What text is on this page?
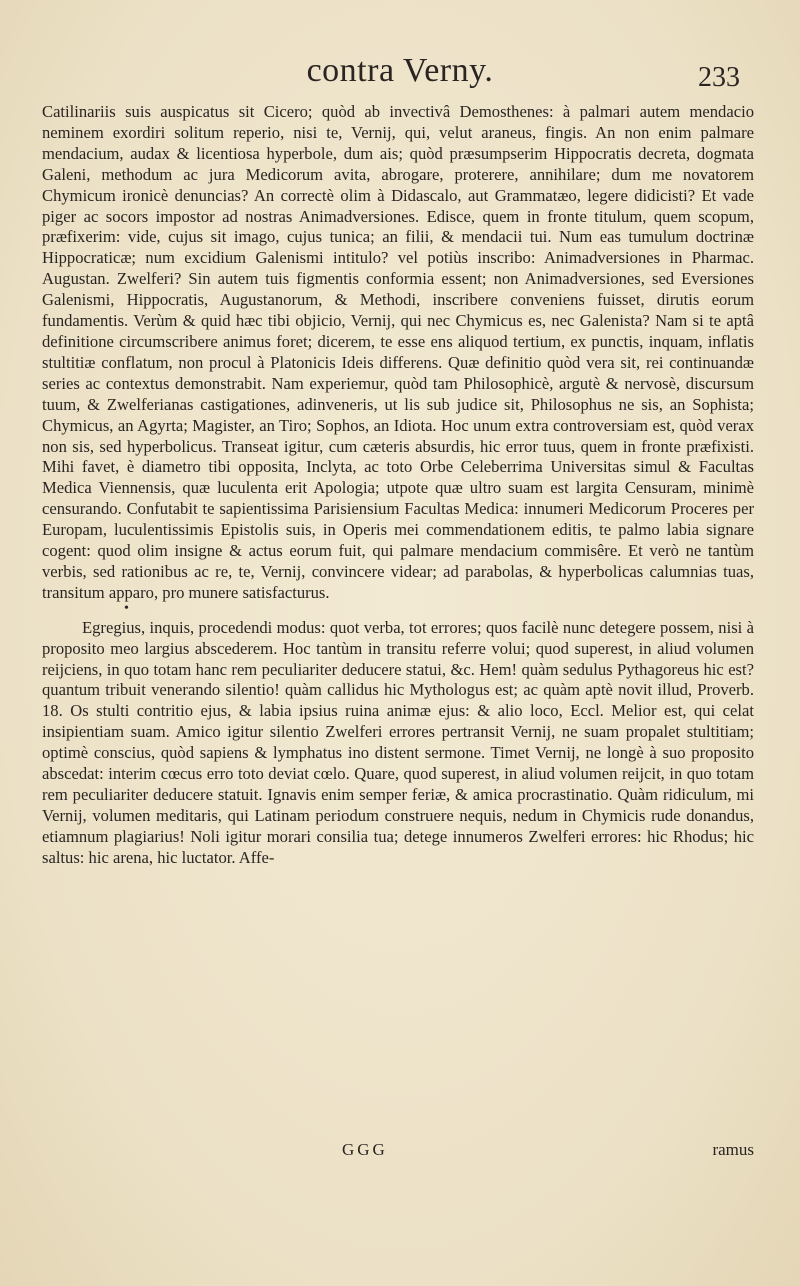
contra Verny.	233

Catilinariis suis auspicatus sit Cicero; quòd ab invectivâ Demosthenes: à palmari autem mendacio neminem exordiri solitum reperio, nisi te, Vernij, qui, velut araneus, fingis. An non enim palmare mendacium, audax & licentiosa hyperbole, dum ais; quòd præsumpserim Hippocratis decreta, dogmata Galeni, methodum ac jura Medicorum avita, abrogare, proterere, annihilare; dum me novatorem Chymicum ironicè denuncias? An correctè olim à Didascalo, aut Grammatæo, legere didicisti? Et vade piger ac socors impostor ad nostras Animadversiones. Edisce, quem in fronte titulum, quem scopum, præfixerim: vide, cujus sit imago, cujus tunica; an filii, & mendacii tui. Num eas tumulum doctrinæ Hippocraticæ; num excidium Galenismi intitulo? vel potiùs inscribo: Animadversiones in Pharmac. Augustan. Zwelferi? Sin autem tuis figmentis conformia essent; non Animadversiones, sed Eversiones Galenismi, Hippocratis, Augustanorum, & Methodi, inscribere conveniens fuisset, dirutis eorum fundamentis. Verùm & quid hæc tibi objicio, Vernij, qui nec Chymicus es, nec Galenista? Nam si te aptâ definitione circumscribere animus foret; dicerem, te esse ens aliquod tertium, ex punctis, inquam, inflatis stultitiæ conflatum, non procul à Platonicis Ideis differens. Quæ definitio quòd vera sit, rei continuandæ series ac contextus demonstrabit. Nam experiemur, quòd tam Philosophicè, argutè & nervosè, discursum tuum, & Zwelferianas castigationes, adinveneris, ut lis sub judice sit, Philosophus ne sis, an Sophista; Chymicus, an Agyrta; Magister, an Tiro; Sophos, an Idiota. Hoc unum extra controversiam est, quòd verax non sis, sed hyperbolicus. Transeat igitur, cum cæteris absurdis, hic error tuus, quem in fronte præfixisti. Mihi favet, è diametro tibi opposita, Inclyta, ac toto Orbe Celeberrima Universitas simul & Facultas Medica Viennensis, quæ luculenta erit Apologia; utpote quæ ultro suam est largita Censuram, minimè censurando. Confutabit te sapientissima Parisiensium Facultas Medica: innumeri Medicorum Proceres per Europam, luculentissimis Epistolis suis, in Operis mei commendationem editis, te palmo labia signare cogent: quod olim insigne & actus eorum fuit, qui palmare mendacium commisêre. Et verò ne tantùm verbis, sed rationibus ac re, te, Vernij, convincere videar; ad parabolas, & hyperbolicas calumnias tuas, transitum apparo, pro munere satisfacturus.

•

Egregius, inquis, procedendi modus: quot verba, tot errores; quos facilè nunc detegere possem, nisi à proposito meo largius abscederem. Hoc tantùm in transitu referre volui; quod superest, in aliud volumen reijciens, in quo totam hanc rem peculiariter deducere statui, &c. Hem! quàm sedulus Pythagoreus hic est? quantum tribuit venerando silentio! quàm callidus hic Mythologus est; ac quàm aptè novit illud, Proverb. 18. Os stulti contritio ejus, & labia ipsius ruina animæ ejus: & alio loco, Eccl. Melior est, qui celat insipientiam suam. Amico igitur silentio Zwelferi errores pertransit Vernij, ne suam propalet stultitiam; optimè conscius, quòd sapiens & lymphatus ino distent sermone. Timet Vernij, ne longè à suo proposito abscedat: interim cœcus erro toto deviat cœlo. Quare, quod superest, in aliud volumen reijcit, in quo totam rem peculiariter deducere statuit. Ignavis enim semper feriæ, & amica procrastinatio. Quàm ridiculum, mi Vernij, volumen meditaris, qui Latinam periodum construere nequis, nedum in Chymicis rude donandus, etiamnum plagiarius! Noli igitur morari consilia tua; detege innumeros Zwelferi errores: hic Rhodus; hic saltus: hic arena, hic luctator. Affe-

GGG	ramus
